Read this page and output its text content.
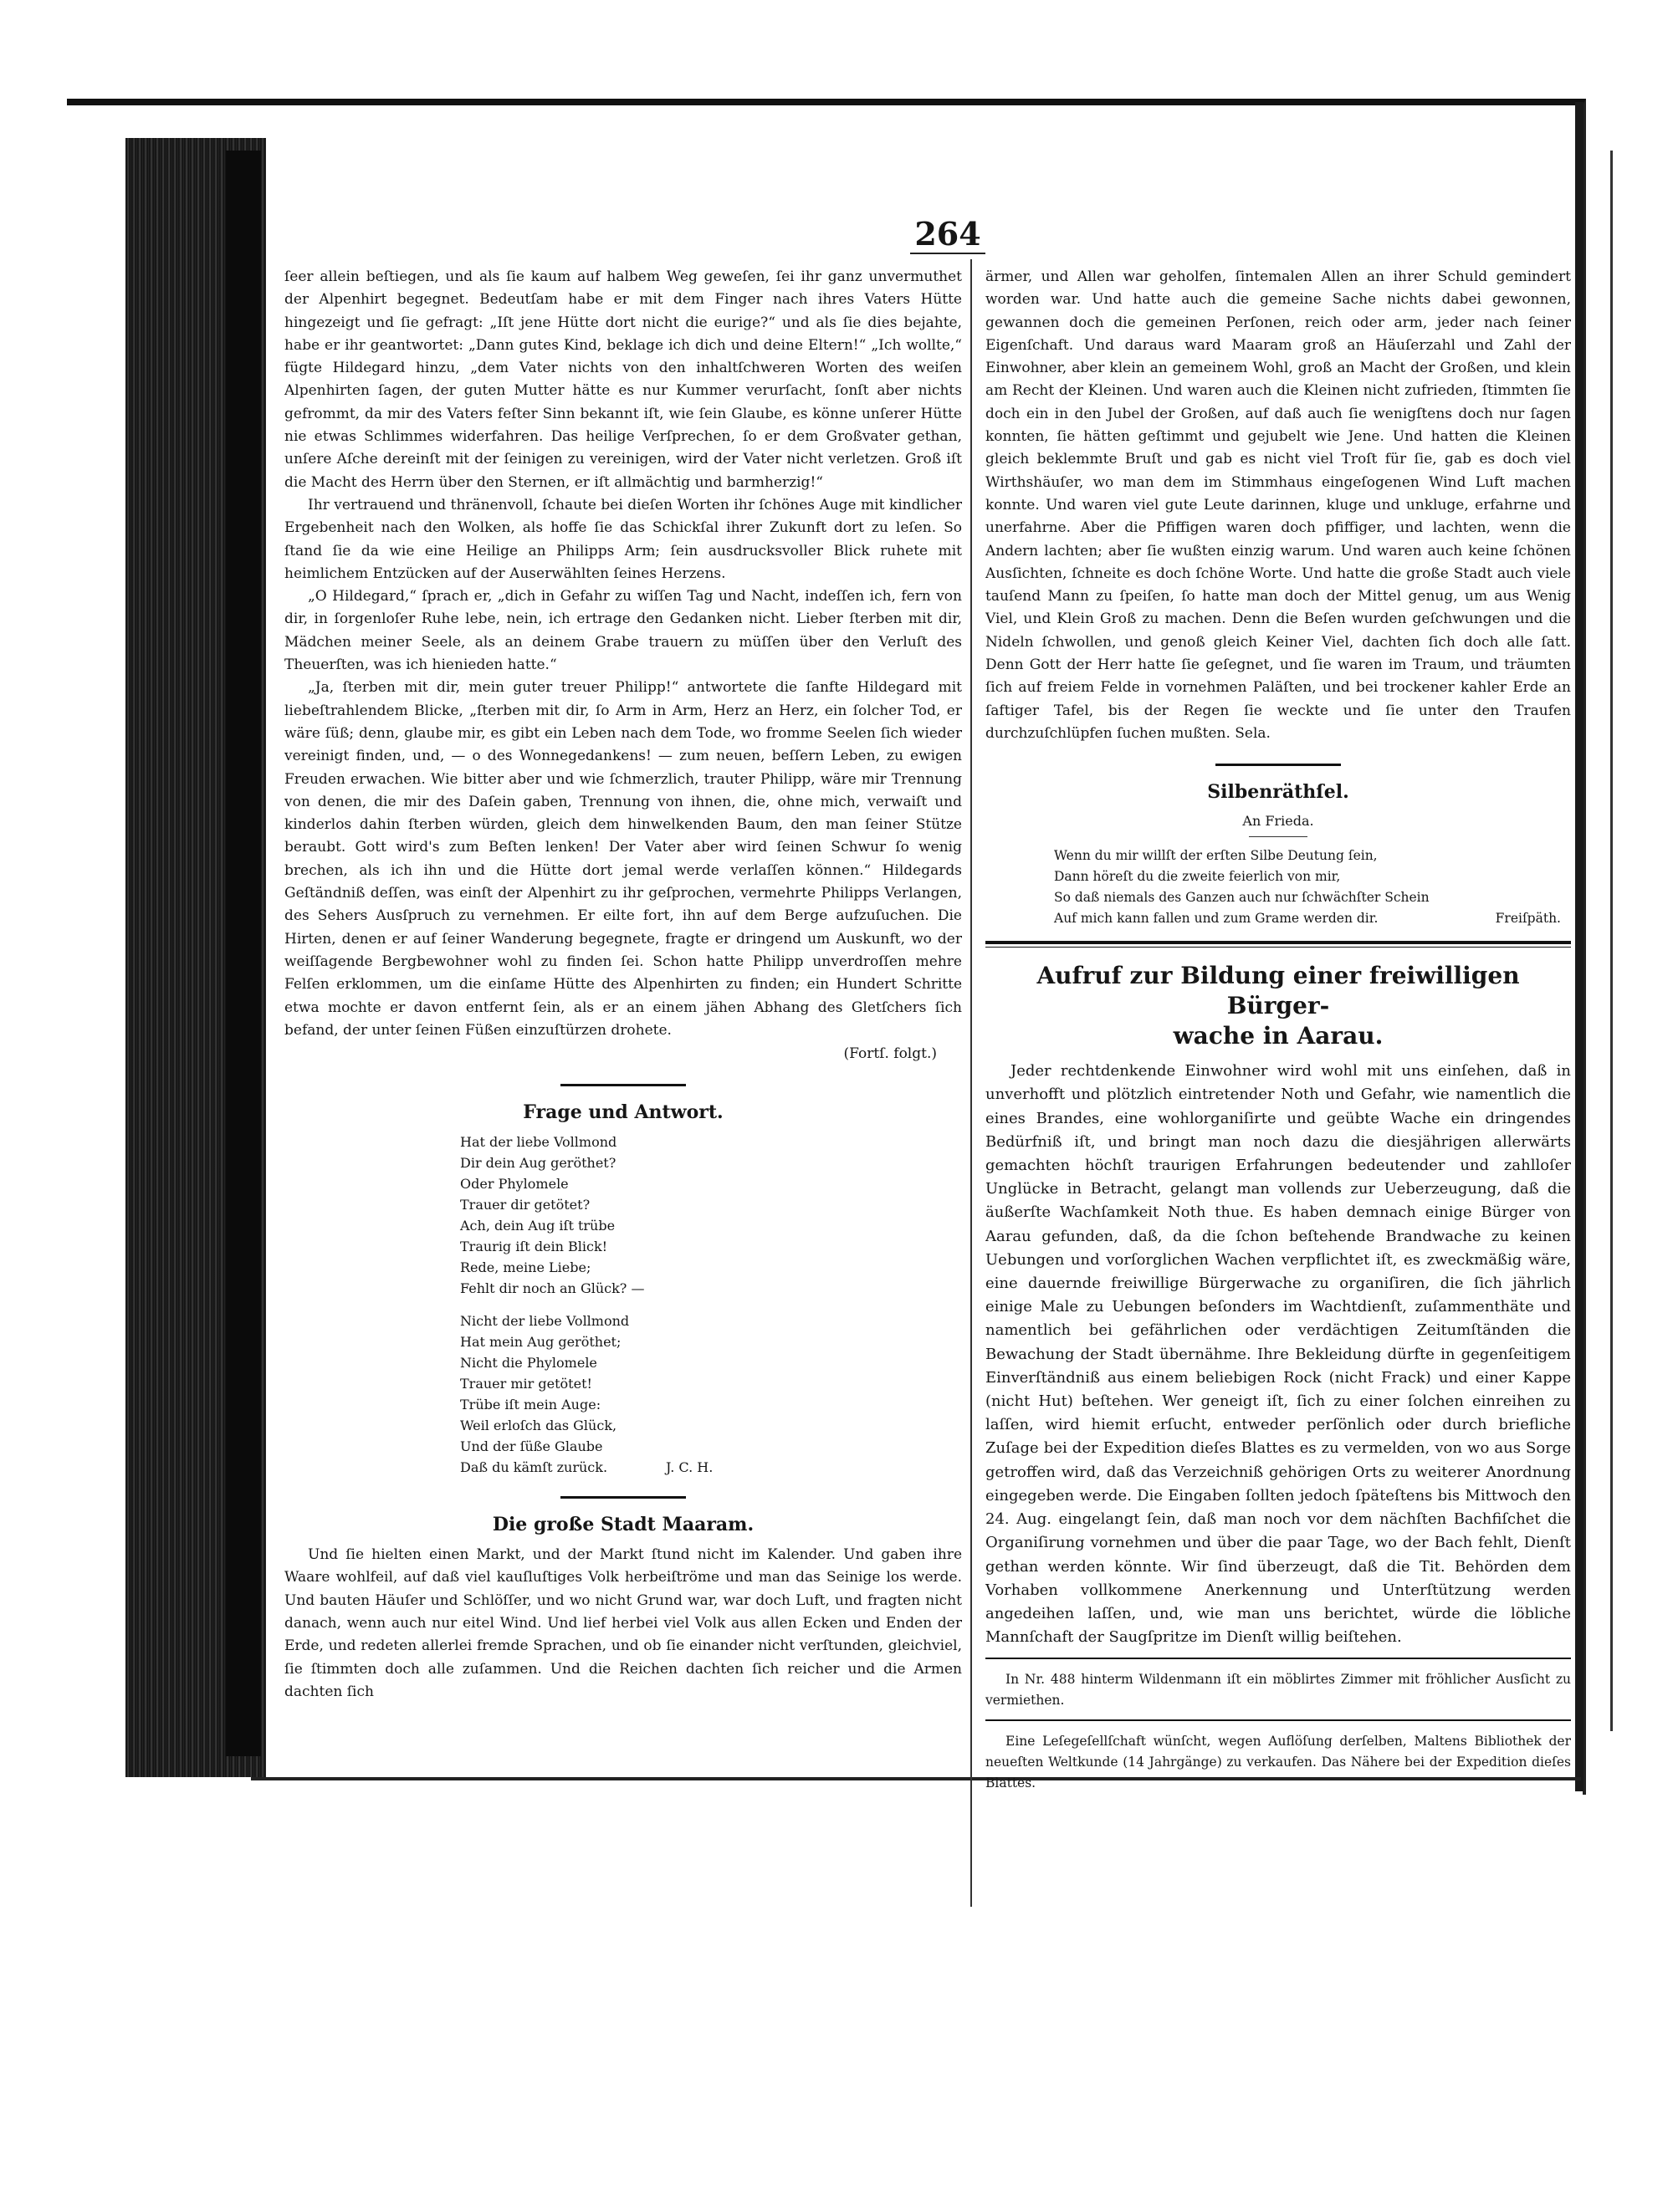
264

ſeer allein beſtiegen, und als ſie kaum auf halbem Weg geweſen, ſei ihr ganz unvermuthet der Alpenhirt begegnet. Bedeutſam habe er mit dem Finger nach ihres Vaters Hütte hingezeigt und ſie gefragt: „Iſt jene Hütte dort nicht die eurige?“ und als ſie dies bejahte, habe er ihr geantwortet: „Dann gutes Kind, beklage ich dich und deine Eltern!“ „Ich wollte,“ fügte Hildegard hinzu, „dem Vater nichts von den inhaltſchweren Worten des weiſen Alpenhirten ſagen, der guten Mutter hätte es nur Kummer verurſacht, ſonſt aber nichts gefrommt, da mir des Vaters feſter Sinn bekannt iſt, wie ſein Glaube, es könne unſerer Hütte nie etwas Schlimmes widerfahren. Das heilige Verſprechen, ſo er dem Großvater gethan, unſere Aſche dereinſt mit der ſeinigen zu vereinigen, wird der Vater nicht verletzen. Groß iſt die Macht des Herrn über den Sternen, er iſt allmächtig und barmherzig!“

Ihr vertrauend und thränenvoll, ſchaute bei dieſen Worten ihr ſchönes Auge mit kindlicher Ergebenheit nach den Wolken, als hoffe ſie das Schickſal ihrer Zukunft dort zu leſen. So ſtand ſie da wie eine Heilige an Philipps Arm; ſein ausdrucksvoller Blick ruhete mit heimlichem Entzücken auf der Auserwählten ſeines Herzens.

„O Hildegard,“ ſprach er, „dich in Gefahr zu wiſſen Tag und Nacht, indeſſen ich, fern von dir, in ſorgenloſer Ruhe lebe, nein, ich ertrage den Gedanken nicht. Lieber ſterben mit dir, Mädchen meiner Seele, als an deinem Grabe trauern zu müſſen über den Verluſt des Theuerſten, was ich hienieden hatte.“

„Ja, ſterben mit dir, mein guter treuer Philipp!“ antwortete die ſanfte Hildegard mit liebeſtrahlendem Blicke, „ſterben mit dir, ſo Arm in Arm, Herz an Herz, ein ſolcher Tod, er wäre ſüß; denn, glaube mir, es gibt ein Leben nach dem Tode, wo fromme Seelen ſich wieder vereinigt finden, und, — o des Wonnegedankens! — zum neuen, beſſern Leben, zu ewigen Freuden erwachen. Wie bitter aber und wie ſchmerzlich, trauter Philipp, wäre mir Trennung von denen, die mir des Daſein gaben, Trennung von ihnen, die, ohne mich, verwaiſt und kinderlos dahin ſterben würden, gleich dem hinwelkenden Baum, den man ſeiner Stütze beraubt. Gott wird's zum Beſten lenken! Der Vater aber wird ſeinen Schwur ſo wenig brechen, als ich ihn und die Hütte dort jemal werde verlaſſen können.“ Hildegards Geſtändniß deſſen, was einſt der Alpenhirt zu ihr geſprochen, vermehrte Philipps Verlangen, des Sehers Ausſpruch zu vernehmen. Er eilte fort, ihn auf dem Berge aufzuſuchen. Die Hirten, denen er auf ſeiner Wanderung begegnete, fragte er dringend um Auskunft, wo der weiſſagende Bergbewohner wohl zu finden ſei. Schon hatte Philipp unverdroſſen mehre Felſen erklommen, um die einſame Hütte des Alpenhirten zu finden; ein Hundert Schritte etwa mochte er davon entfernt ſein, als er an einem jähen Abhang des Gletſchers ſich befand, der unter ſeinen Füßen einzuſtürzen drohete.

(Fortſ. folgt.)

Frage und Antwort.

Hat der liebe Vollmond
Dir dein Aug geröthet?
Oder Phylomele
Trauer dir getötet?
Ach, dein Aug iſt trübe
Traurig iſt dein Blick!
Rede, meine Liebe;
Fehlt dir noch an Glück? —
Nicht der liebe Vollmond
Hat mein Aug geröthet;
Nicht die Phylomele
Trauer mir getötet!
Trübe iſt mein Auge:
Weil erloſch das Glück,
Und der ſüße Glaube
Daß du kämſt zurück.	J. C. H.

Die große Stadt Maaram.

Und ſie hielten einen Markt, und der Markt ſtund nicht im Kalender. Und gaben ihre Waare wohlfeil, auf daß viel kauſluſtiges Volk herbeiſtröme und man das Seinige los werde. Und bauten Häuſer und Schlöſſer, und wo nicht Grund war, war doch Luft, und fragten nicht danach, wenn auch nur eitel Wind. Und lief herbei viel Volk aus allen Ecken und Enden der Erde, und redeten allerlei fremde Sprachen, und ob ſie einander nicht verſtunden, gleichviel, ſie ſtimmten doch alle zuſammen. Und die Reichen dachten ſich reicher und die Armen dachten ſich

ärmer, und Allen war geholfen, ſintemalen Allen an ihrer Schuld gemindert worden war. Und hatte auch die gemeine Sache nichts dabei gewonnen, gewannen doch die gemeinen Perſonen, reich oder arm, jeder nach ſeiner Eigenſchaft. Und daraus ward Maaram groß an Häuſerzahl und Zahl der Einwohner, aber klein an gemeinem Wohl, groß an Macht der Großen, und klein am Recht der Kleinen. Und waren auch die Kleinen nicht zufrieden, ſtimmten ſie doch ein in den Jubel der Großen, auf daß auch ſie wenigſtens doch nur ſagen konnten, ſie hätten geſtimmt und gejubelt wie Jene. Und hatten die Kleinen gleich beklemmte Bruſt und gab es nicht viel Troſt für ſie, gab es doch viel Wirthshäuſer, wo man dem im Stimmhaus eingeſogenen Wind Luft machen konnte. Und waren viel gute Leute darinnen, kluge und unkluge, erfahrne und unerfahrne. Aber die Pfiffigen waren doch pfiffiger, und lachten, wenn die Andern lachten; aber ſie wußten einzig warum. Und waren auch keine ſchönen Ausſichten, ſchneite es doch ſchöne Worte. Und hatte die große Stadt auch viele tauſend Mann zu ſpeiſen, ſo hatte man doch der Mittel genug, um aus Wenig Viel, und Klein Groß zu machen. Denn die Beſen wurden geſchwungen und die Nideln ſchwollen, und genoß gleich Keiner Viel, dachten ſich doch alle ſatt. Denn Gott der Herr hatte ſie geſegnet, und ſie waren im Traum, und träumten ſich auf freiem Felde in vornehmen Paläſten, und bei trockener kahler Erde an ſaftiger Tafel, bis der Regen ſie weckte und ſie unter den Traufen durchzuſchlüpfen ſuchen mußten. Sela.

Silbenräthſel.

An Frieda.

Wenn du mir willſt der erſten Silbe Deutung ſein,
Dann höreſt du die zweite feierlich von mir,
So daß niemals des Ganzen auch nur ſchwächſter Schein
Auf mich kann fallen und zum Grame werden dir.	Freiſpäth.

Aufruf zur Bildung einer freiwilligen Bürger-
wache in Aarau.

Jeder rechtdenkende Einwohner wird wohl mit uns einſehen, daß in unverhofft und plötzlich eintretender Noth und Gefahr, wie namentlich die eines Brandes, eine wohlorganiſirte und geübte Wache ein dringendes Bedürfniß iſt, und bringt man noch dazu die diesjährigen allerwärts gemachten höchſt traurigen Erfahrungen bedeutender und zahlloſer Unglücke in Betracht, gelangt man vollends zur Ueberzeugung, daß die äußerſte Wachſamkeit Noth thue. Es haben demnach einige Bürger von Aarau gefunden, daß, da die ſchon beſtehende Brandwache zu keinen Uebungen und vorſorglichen Wachen verpflichtet iſt, es zweckmäßig wäre, eine dauernde freiwillige Bürgerwache zu organiſiren, die ſich jährlich einige Male zu Uebungen beſonders im Wachtdienſt, zuſammenthäte und namentlich bei gefährlichen oder verdächtigen Zeitumſtänden die Bewachung der Stadt übernähme. Ihre Bekleidung dürfte in gegenſeitigem Einverſtändniß aus einem beliebigen Rock (nicht Frack) und einer Kappe (nicht Hut) beſtehen. Wer geneigt iſt, ſich zu einer ſolchen einreihen zu laſſen, wird hiemit erſucht, entweder perſönlich oder durch briefliche Zuſage bei der Expedition dieſes Blattes es zu vermelden, von wo aus Sorge getroffen wird, daß das Verzeichniß gehörigen Orts zu weiterer Anordnung eingegeben werde. Die Eingaben ſollten jedoch ſpäteſtens bis Mittwoch den 24. Aug. eingelangt ſein, daß man noch vor dem nächſten Bachfiſchet die Organiſirung vornehmen und über die paar Tage, wo der Bach fehlt, Dienſt gethan werden könnte. Wir ſind überzeugt, daß die Tit. Behörden dem Vorhaben vollkommene Anerkennung und Unterſtützung werden angedeihen laſſen, und, wie man uns berichtet, würde die löbliche Mannſchaft der Saugſpritze im Dienſt willig beiſtehen.

In Nr. 488 hinterm Wildenmann iſt ein möblirtes Zimmer mit fröhlicher Ausſicht zu vermiethen.

Eine Leſegeſellſchaft wünſcht, wegen Auflöſung derſelben, Maltens Bibliothek der neueſten Weltkunde (14 Jahrgänge) zu verkaufen. Das Nähere bei der Expedition dieſes Blattes.
